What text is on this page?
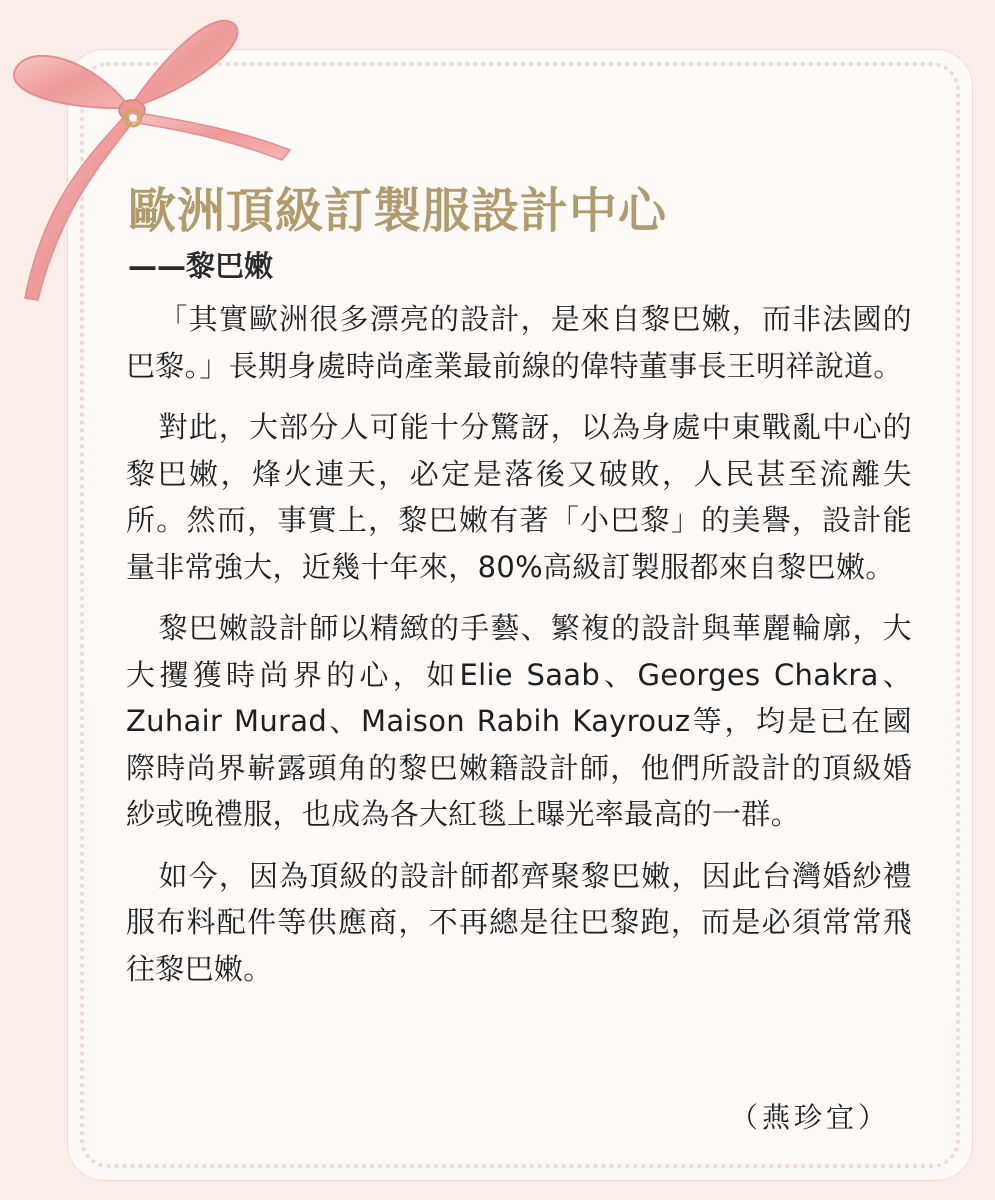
歐洲頂級訂製服設計中心
——黎巴嫩

「其實歐洲很多漂亮的設計，是來自黎巴嫩，而非法國的巴黎。」長期身處時尚產業最前線的偉特董事長王明祥說道。

對此，大部分人可能十分驚訝，以為身處中東戰亂中心的黎巴嫩，烽火連天，必定是落後又破敗，人民甚至流離失所。然而，事實上，黎巴嫩有著「小巴黎」的美譽，設計能量非常強大，近幾十年來，80%高級訂製服都來自黎巴嫩。

黎巴嫩設計師以精緻的手藝、繁複的設計與華麗輪廓，大大攫獲時尚界的心，如Elie Saab、Georges Chakra、Zuhair Murad、Maison Rabih Kayrouz等，均是已在國際時尚界嶄露頭角的黎巴嫩籍設計師，他們所設計的頂級婚紗或晚禮服，也成為各大紅毯上曝光率最高的一群。

如今，因為頂級的設計師都齊聚黎巴嫩，因此台灣婚紗禮服布料配件等供應商，不再總是往巴黎跑，而是必須常常飛往黎巴嫩。

（燕珍宜）
